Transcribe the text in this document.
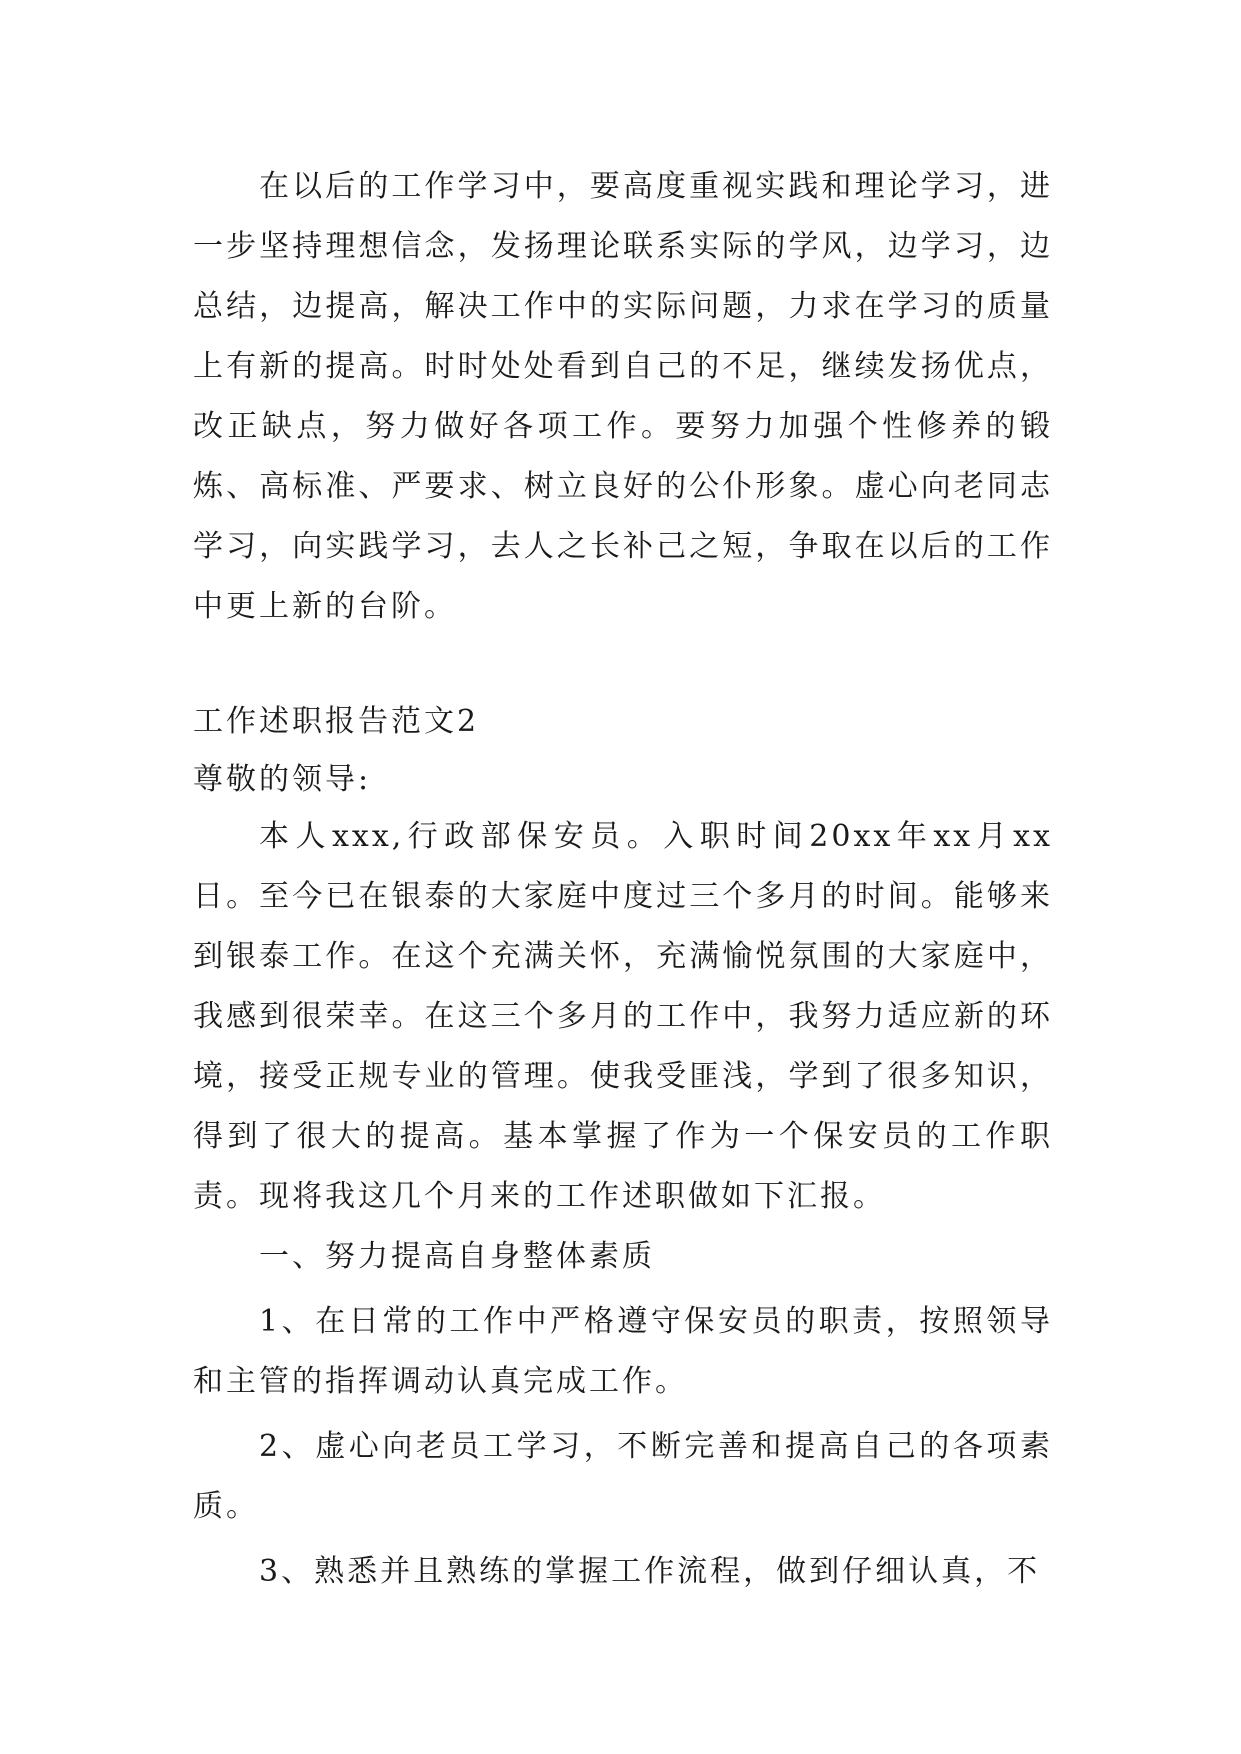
在以后的工作学习中，要高度重视实践和理论学习，进一步坚持理想信念，发扬理论联系实际的学风，边学习，边总结，边提高，解决工作中的实际问题，力求在学习的质量上有新的提高。时时处处看到自己的不足，继续发扬优点，改正缺点，努力做好各项工作。要努力加强个性修养的锻炼、高标准、严要求、树立良好的公仆形象。虚心向老同志学习，向实践学习，去人之长补己之短，争取在以后的工作中更上新的台阶。

工作述职报告范文2

尊敬的领导:

本人xxx,行政部保安员。入职时间20xx年xx月xx日。至今已在银泰的大家庭中度过三个多月的时间。能够来到银泰工作。在这个充满关怀，充满愉悦氛围的大家庭中，我感到很荣幸。在这三个多月的工作中，我努力适应新的环境，接受正规专业的管理。使我受匪浅，学到了很多知识，得到了很大的提高。基本掌握了作为一个保安员的工作职责。现将我这几个月来的工作述职做如下汇报。

一、努力提高自身整体素质

1、在日常的工作中严格遵守保安员的职责，按照领导和主管的指挥调动认真完成工作。

2、虚心向老员工学习，不断完善和提高自己的各项素质。

3、熟悉并且熟练的掌握工作流程，做到仔细认真，不
